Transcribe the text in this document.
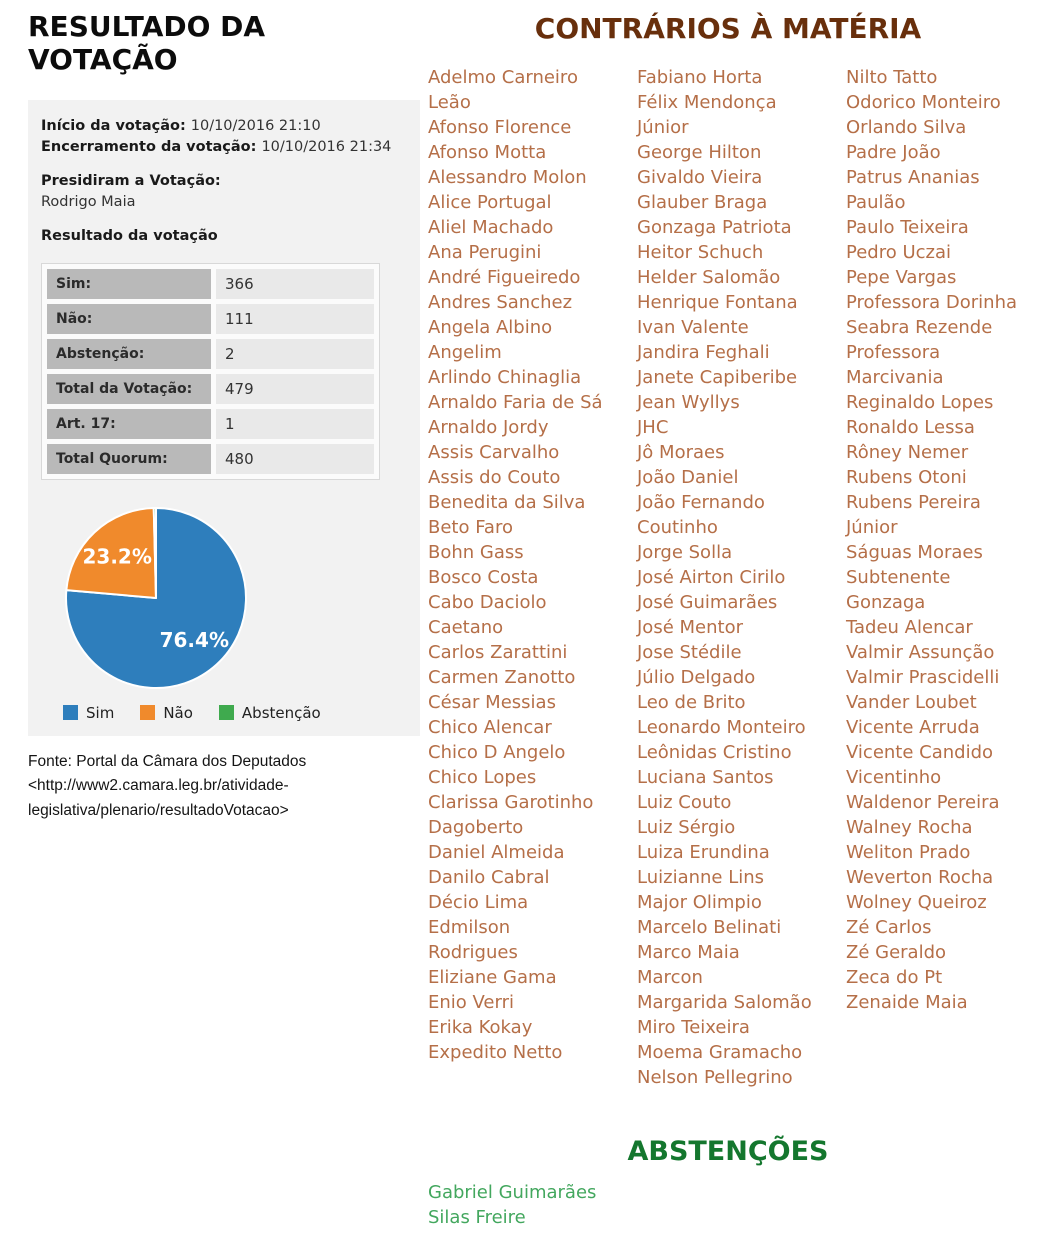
RESULTADO DA VOTAÇÃO
Início da votação: 10/10/2016 21:10
Encerramento da votação: 10/10/2016 21:34
Presidiram a Votação:
Rodrigo Maia
Resultado da votação
Sim:	366
Não:	111
Abstenção:	2
Total da Votação:	479
Art. 17:	1
Total Quorum:	480
76.4%
23.2%
Sim	Não	Abstenção
Fonte: Portal da Câmara dos Deputados <http://www2.camara.leg.br/atividade-legislativa/plenario/resultadoVotacao>
CONTRÁRIOS À MATÉRIA
Adelmo Carneiro Leão
Afonso Florence
Afonso Motta
Alessandro Molon
Alice Portugal
Aliel Machado
Ana Perugini
André Figueiredo
Andres Sanchez
Angela Albino
Angelim
Arlindo Chinaglia
Arnaldo Faria de Sá
Arnaldo Jordy
Assis Carvalho
Assis do Couto
Benedita da Silva
Beto Faro
Bohn Gass
Bosco Costa
Cabo Daciolo
Caetano
Carlos Zarattini
Carmen Zanotto
César Messias
Chico Alencar
Chico D Angelo
Chico Lopes
Clarissa Garotinho
Dagoberto
Daniel Almeida
Danilo Cabral
Décio Lima
Edmilson Rodrigues
Eliziane Gama
Enio Verri
Erika Kokay
Expedito Netto
Fabiano Horta
Félix Mendonça Júnior
George Hilton
Givaldo Vieira
Glauber Braga
Gonzaga Patriota
Heitor Schuch
Helder Salomão
Henrique Fontana
Ivan Valente
Jandira Feghali
Janete Capiberibe
Jean Wyllys
JHC
Jô Moraes
João Daniel
João Fernando Coutinho
Jorge Solla
José Airton Cirilo
José Guimarães
José Mentor
Jose Stédile
Júlio Delgado
Leo de Brito
Leonardo Monteiro
Leônidas Cristino
Luciana Santos
Luiz Couto
Luiz Sérgio
Luiza Erundina
Luizianne Lins
Major Olimpio
Marcelo Belinati
Marco Maia
Marcon
Margarida Salomão
Miro Teixeira
Moema Gramacho
Nelson Pellegrino
Nilto Tatto
Odorico Monteiro
Orlando Silva
Padre João
Patrus Ananias
Paulão
Paulo Teixeira
Pedro Uczai
Pepe Vargas
Professora Dorinha Seabra Rezende
Professora Marcivania
Reginaldo Lopes
Ronaldo Lessa
Rôney Nemer
Rubens Otoni
Rubens Pereira Júnior
Ságuas Moraes
Subtenente Gonzaga
Tadeu Alencar
Valmir Assunção
Valmir Prascidelli
Vander Loubet
Vicente Arruda
Vicente Candido
Vicentinho
Waldenor Pereira
Walney Rocha
Weliton Prado
Weverton Rocha
Wolney Queiroz
Zé Carlos
Zé Geraldo
Zeca do Pt
Zenaide Maia
ABSTENÇÕES
Gabriel Guimarães
Silas Freire
